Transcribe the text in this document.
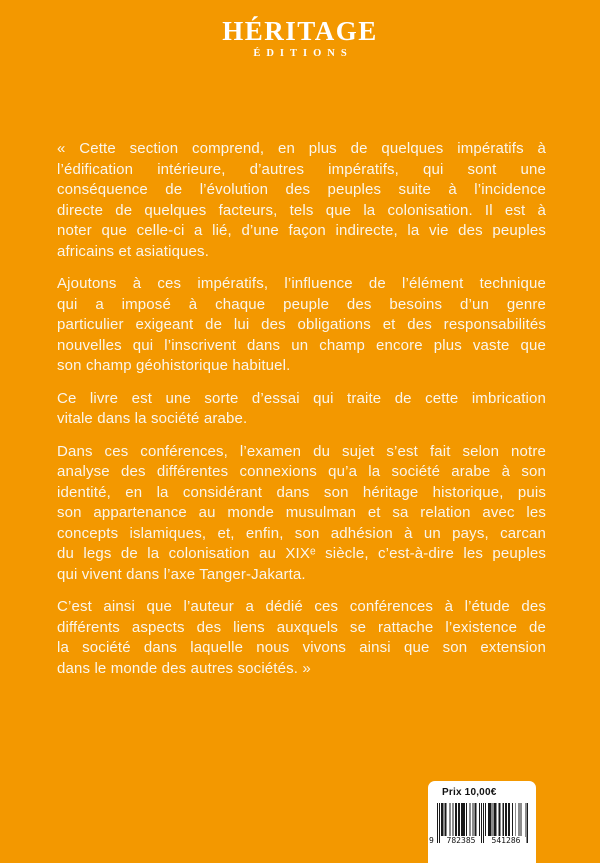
HÉRITAGE
ÉDITIONS
« Cette section comprend, en plus de quelques impératifs à
l’édification intérieure, d’autres impératifs, qui sont une
conséquence de l’évolution des peuples suite à l’incidence
directe de quelques facteurs, tels que la colonisation. Il est à
noter que celle-ci a lié, d’une façon indirecte, la vie des peuples
africains et asiatiques.
Ajoutons à ces impératifs, l’influence de l’élément technique
qui a imposé à chaque peuple des besoins d’un genre
particulier exigeant de lui des obligations et des responsabilités
nouvelles qui l’inscrivent dans un champ encore plus vaste que
son champ géohistorique habituel.
Ce livre est une sorte d’essai qui traite de cette imbrication
vitale dans la société arabe.
Dans ces conférences, l’examen du sujet s’est fait selon notre
analyse des différentes connexions qu’a la société arabe à son
identité, en la considérant dans son héritage historique, puis
son appartenance au monde musulman et sa relation avec les
concepts islamiques, et, enfin, son adhésion à un pays, carcan
du legs de la colonisation au XIXᵉ siècle, c’est-à-dire les peuples
qui vivent dans l’axe Tanger-Jakarta.
C’est ainsi que l’auteur a dédié ces conférences à l’étude des
différents aspects des liens auxquels se rattache l’existence de
la société dans laquelle nous vivons ainsi que son extension
dans le monde des autres sociétés. »
Prix 10,00€
9	782385	541286
